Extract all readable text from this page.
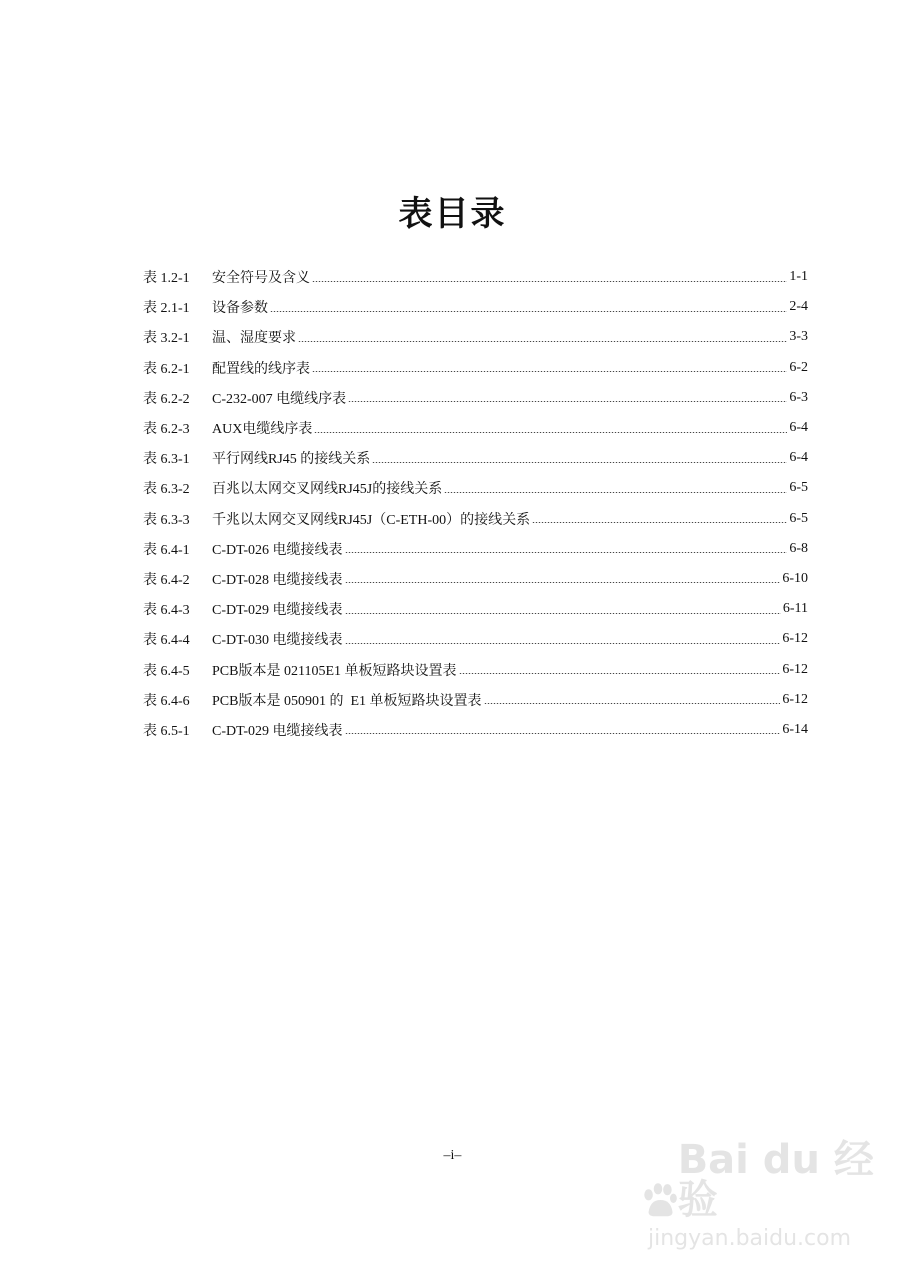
表目录
表 1.2-1	安全符号及含义	1-1
表 2.1-1	设备参数	2-4
表 3.2-1	温、湿度要求	3-3
表 6.2-1	配置线的线序表	6-2
表 6.2-2	C-232-007 电缆线序表	6-3
表 6.2-3	AUX电缆线序表	6-4
表 6.3-1	平行网线RJ45 的接线关系	6-4
表 6.3-2	百兆以太网交叉网线RJ45J的接线关系	6-5
表 6.3-3	千兆以太网交叉网线RJ45J（C-ETH-00）的接线关系	6-5
表 6.4-1	C-DT-026 电缆接线表	6-8
表 6.4-2	C-DT-028 电缆接线表	6-10
表 6.4-3	C-DT-029 电缆接线表	6-11
表 6.4-4	C-DT-030 电缆接线表	6-12
表 6.4-5	PCB版本是 021105E1 单板短路块设置表	6-12
表 6.4-6	PCB版本是 050901 的  E1 单板短路块设置表	6-12
表 6.5-1	C-DT-029 电缆接线表	6-14
–i–	Bai du 经验
jingyan.baidu.com
